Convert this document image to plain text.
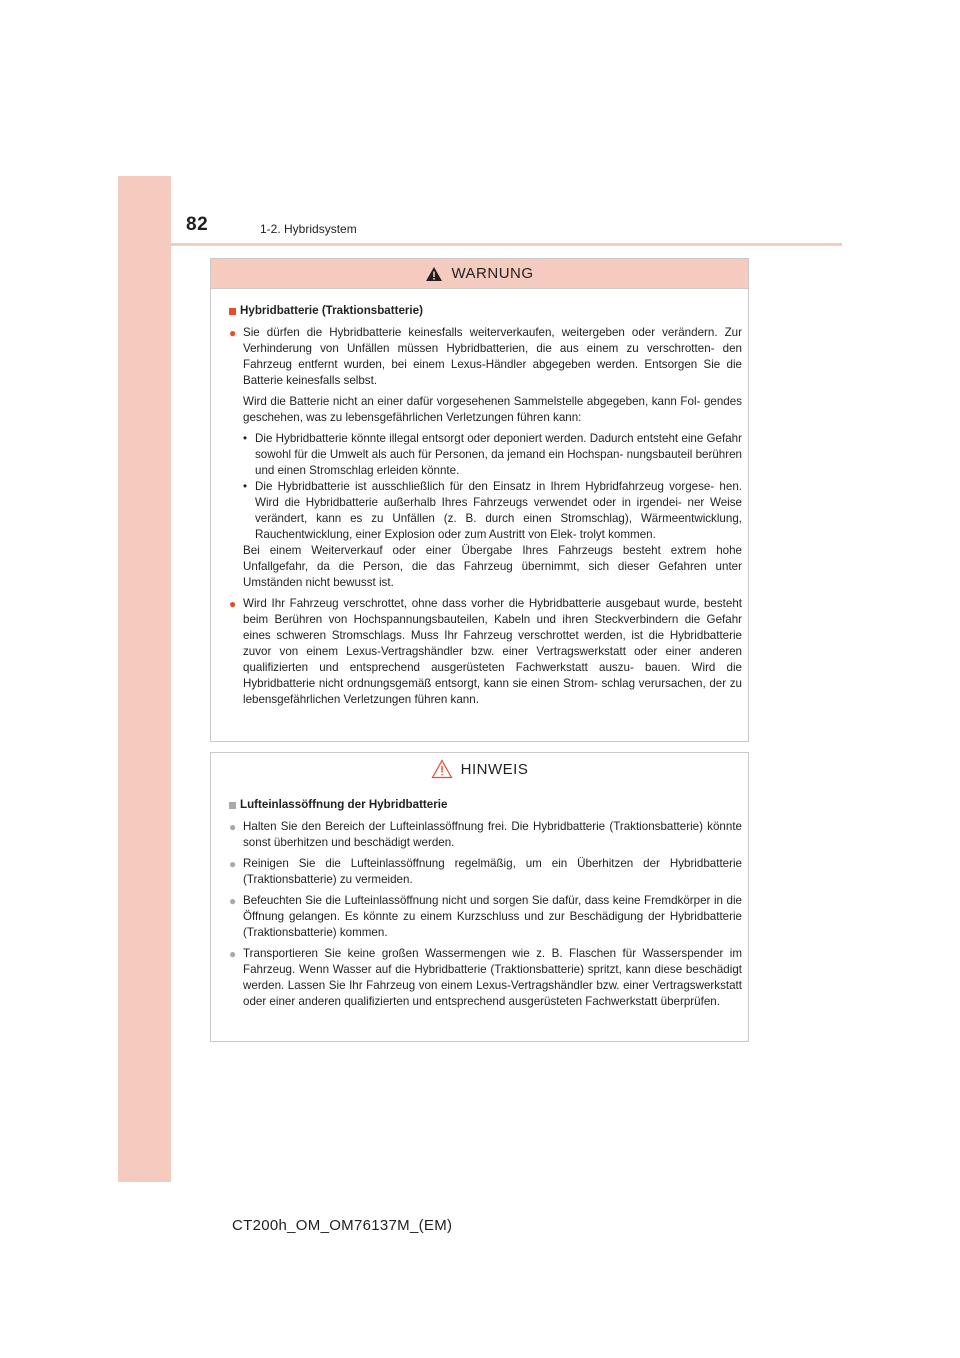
82	1-2. Hybridsystem
WARNUNG
Hybridbatterie (Traktionsbatterie)
● Sie dürfen die Hybridbatterie keinesfalls weiterverkaufen, weitergeben oder verändern. Zur Verhinderung von Unfällen müssen Hybridbatterien, die aus einem zu verschrotten- den Fahrzeug entfernt wurden, bei einem Lexus-Händler abgegeben werden. Entsorgen Sie die Batterie keinesfalls selbst.
Wird die Batterie nicht an einer dafür vorgesehenen Sammelstelle abgegeben, kann Fol- gendes geschehen, was zu lebensgefährlichen Verletzungen führen kann:
• Die Hybridbatterie könnte illegal entsorgt oder deponiert werden. Dadurch entsteht eine Gefahr sowohl für die Umwelt als auch für Personen, da jemand ein Hochspan- nungsbauteil berühren und einen Stromschlag erleiden könnte.
• Die Hybridbatterie ist ausschließlich für den Einsatz in Ihrem Hybridfahrzeug vorgese- hen. Wird die Hybridbatterie außerhalb Ihres Fahrzeugs verwendet oder in irgendei- ner Weise verändert, kann es zu Unfällen (z. B. durch einen Stromschlag), Wärmeentwicklung, Rauchentwicklung, einer Explosion oder zum Austritt von Elek- trolyt kommen.
Bei einem Weiterverkauf oder einer Übergabe Ihres Fahrzeugs besteht extrem hohe Unfallgefahr, da die Person, die das Fahrzeug übernimmt, sich dieser Gefahren unter Umständen nicht bewusst ist.
● Wird Ihr Fahrzeug verschrottet, ohne dass vorher die Hybridbatterie ausgebaut wurde, besteht beim Berühren von Hochspannungsbauteilen, Kabeln und ihren Steckverbindern die Gefahr eines schweren Stromschlags. Muss Ihr Fahrzeug verschrottet werden, ist die Hybridbatterie zuvor von einem Lexus-Vertragshändler bzw. einer Vertragswerkstatt oder einer anderen qualifizierten und entsprechend ausgerüsteten Fachwerkstatt auszu- bauen. Wird die Hybridbatterie nicht ordnungsgemäß entsorgt, kann sie einen Strom- schlag verursachen, der zu lebensgefährlichen Verletzungen führen kann.
HINWEIS
Lufteinlassöffnung der Hybridbatterie
● Halten Sie den Bereich der Lufteinlassöffnung frei. Die Hybridbatterie (Traktionsbatterie) könnte sonst überhitzen und beschädigt werden.
● Reinigen Sie die Lufteinlassöffnung regelmäßig, um ein Überhitzen der Hybridbatterie (Traktionsbatterie) zu vermeiden.
● Befeuchten Sie die Lufteinlassöffnung nicht und sorgen Sie dafür, dass keine Fremdkörper in die Öffnung gelangen. Es könnte zu einem Kurzschluss und zur Beschädigung der Hybridbatterie (Traktionsbatterie) kommen.
● Transportieren Sie keine großen Wassermengen wie z. B. Flaschen für Wasserspender im Fahrzeug. Wenn Wasser auf die Hybridbatterie (Traktionsbatterie) spritzt, kann diese beschädigt werden. Lassen Sie Ihr Fahrzeug von einem Lexus-Vertragshändler bzw. einer Vertragswerkstatt oder einer anderen qualifizierten und entsprechend ausgerüsteten Fachwerkstatt überprüfen.
CT200h_OM_OM76137M_(EM)
